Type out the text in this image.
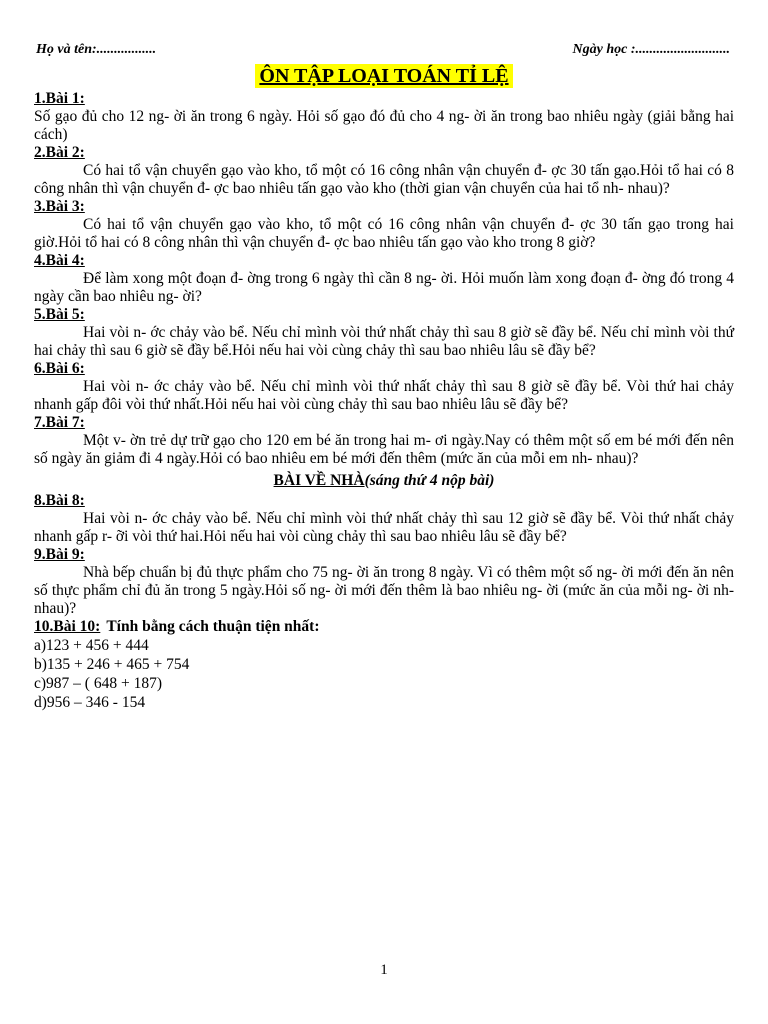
Họ và tên:.................	Ngày học :...........................
ÔN TẬP LOẠI TOÁN TỈ LỆ
1.Bài 1:
Số gạo đủ cho 12 ng- ời ăn trong 6 ngày. Hỏi số gạo đó đủ cho 4 ng- ời ăn trong bao nhiêu ngày (giải bằng hai cách)
2.Bài 2:
Có hai tổ vận chuyển gạo vào kho, tổ một có 16 công nhân vận chuyển đ- ợc 30 tấn gạo.Hỏi tổ hai có 8 công nhân thì vận chuyển đ- ợc bao nhiêu tấn gạo vào kho (thời gian vận chuyển của hai tổ nh- nhau)?
3.Bài 3:
Có hai tổ vận chuyển gạo vào kho, tổ một có 16 công nhân vận chuyển đ- ợc 30 tấn gạo trong hai giờ.Hỏi tổ hai có 8 công nhân thì vận chuyển đ- ợc bao nhiêu tấn gạo vào kho trong 8 giờ?
4.Bài 4:
Để làm xong một đoạn đ- ờng trong 6 ngày thì cần 8 ng- ời. Hỏi muốn làm xong đoạn đ- ờng đó trong 4 ngày cần bao nhiêu ng- ời?
5.Bài 5:
Hai vòi n- ớc chảy vào bể. Nếu chỉ mình vòi thứ nhất chảy thì sau 8 giờ sẽ đầy bể. Nếu chỉ mình vòi thứ hai chảy thì sau 6 giờ sẽ đầy bể.Hỏi nếu hai vòi cùng chảy thì sau bao nhiêu lâu sẽ đầy bể?
6.Bài 6:
Hai vòi n- ớc chảy vào bể. Nếu chỉ mình vòi thứ nhất chảy thì sau 8 giờ sẽ đầy bể. Vòi thứ hai chảy nhanh gấp đôi vòi thứ nhất.Hỏi nếu hai vòi cùng chảy thì sau bao nhiêu lâu sẽ đầy bể?
7.Bài 7:
Một v- ờn trẻ dự trữ gạo cho 120 em bé ăn trong hai m- ơi ngày.Nay có thêm một số em bé mới đến nên số ngày ăn giảm đi 4 ngày.Hỏi có bao nhiêu em bé mới đến thêm (mức ăn của mỗi em nh- nhau)?
BÀI VỀ NHÀ(sáng thứ 4 nộp bài)
8.Bài 8:
Hai vòi n- ớc chảy vào bể. Nếu chỉ mình vòi thứ nhất chảy thì sau 12 giờ sẽ đầy bể. Vòi thứ nhất chảy nhanh gấp r- ỡi vòi thứ hai.Hỏi nếu hai vòi cùng chảy thì sau bao nhiêu lâu sẽ đầy bể?
9.Bài 9:
Nhà bếp chuẩn bị đủ thực phẩm cho 75 ng- ời ăn trong 8 ngày. Vì có thêm một số ng- ời mới đến ăn nên số thực phẩm chỉ đủ ăn trong 5 ngày.Hỏi số ng- ời mới đến thêm là bao nhiêu ng- ời (mức ăn của mỗi ng- ời nh- nhau)?
10.Bài 10: Tính bằng cách thuận tiện nhất:
a)123 + 456 + 444
b)135 + 246 + 465 + 754
c)987 – ( 648 + 187)
d)956 – 346 - 154
1
